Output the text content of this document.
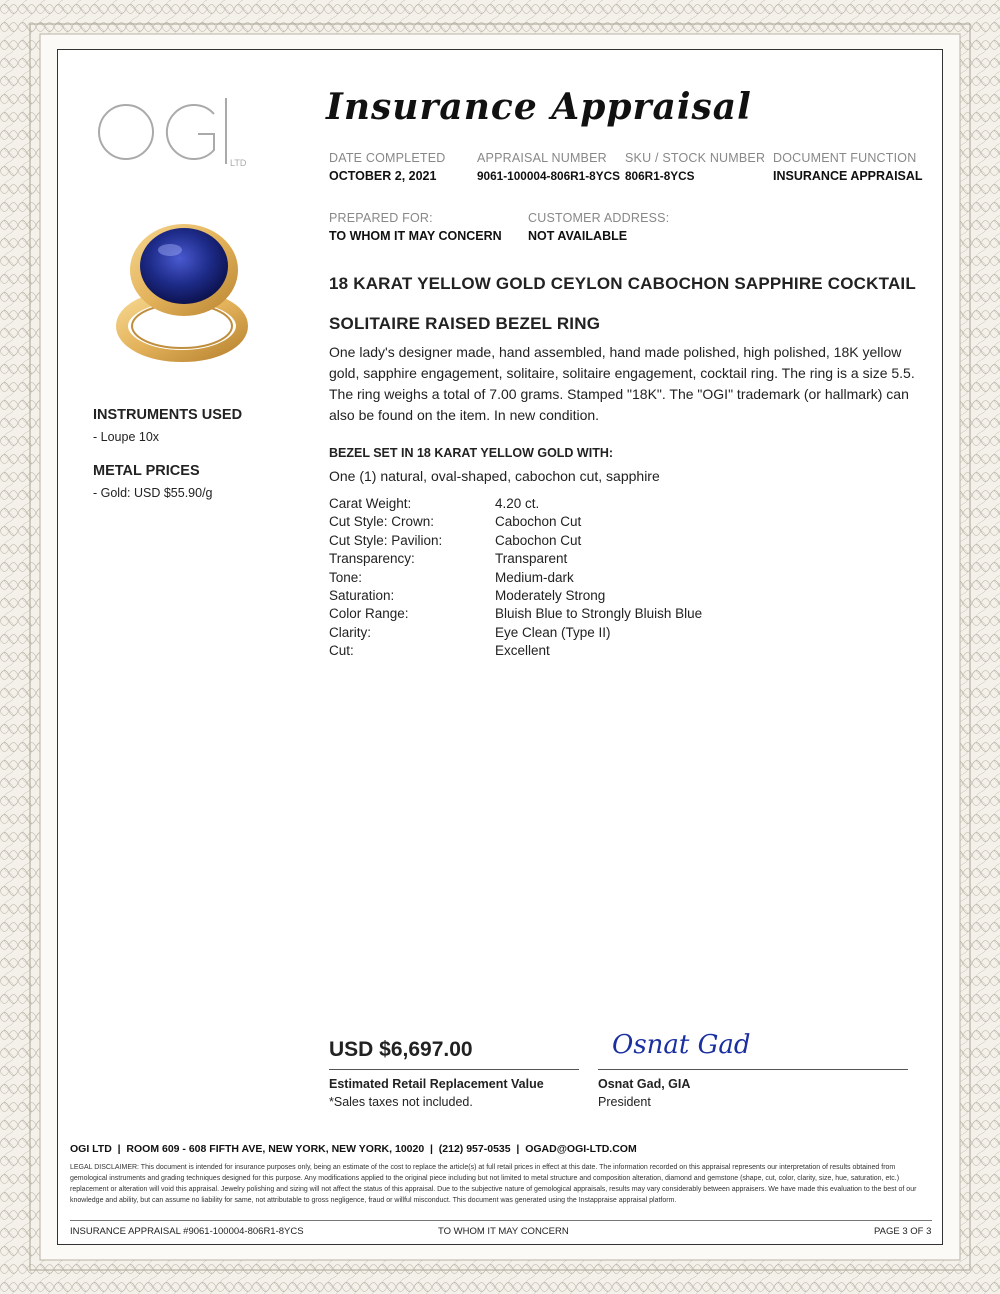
LTD
Insurance Appraisal
DATE COMPLETED
OCTOBER 2, 2021
APPRAISAL NUMBER
9061-100004-806R1-8YCS
SKU / STOCK NUMBER
806R1-8YCS
DOCUMENT FUNCTION
INSURANCE APPRAISAL
PREPARED FOR:
TO WHOM IT MAY CONCERN
CUSTOMER ADDRESS:
NOT AVAILABLE
INSTRUMENTS USED
- Loupe 10x
METAL PRICES
- Gold: USD $55.90/g
18 KARAT YELLOW GOLD CEYLON CABOCHON SAPPHIRE COCKTAIL
SOLITAIRE RAISED BEZEL RING
One lady's designer made, hand assembled, hand made polished, high polished, 18K yellow gold, sapphire engagement, solitaire, solitaire engagement, cocktail ring. The ring is a size 5.5. The ring weighs a total of 7.00 grams. Stamped "18K". The "OGI" trademark (or hallmark) can also be found on the item. In new condition.
BEZEL SET IN 18 KARAT YELLOW GOLD WITH:
One (1) natural, oval-shaped, cabochon cut, sapphire
Carat Weight:	4.20 ct.
Cut Style: Crown:	Cabochon Cut
Cut Style: Pavilion:	Cabochon Cut
Transparency:	Transparent
Tone:	Medium-dark
Saturation:	Moderately Strong
Color Range:	Bluish Blue to Strongly Bluish Blue
Clarity:	Eye Clean (Type II)
Cut:	Excellent
USD $6,697.00
Estimated Retail Replacement Value
*Sales taxes not included.
Osnat Gad
Osnat Gad, GIA
President
OGI LTD  |  ROOM 609 - 608 FIFTH AVE, NEW YORK, NEW YORK, 10020  |  (212) 957-0535  |  OGAD@OGI-LTD.COM
LEGAL DISCLAIMER: This document is intended for insurance purposes only, being an estimate of the cost to replace the article(s) at full retail prices in effect at this date. The information recorded on this appraisal represents our interpretation of results obtained from gemological instruments and grading techniques designed for this purpose. Any modifications applied to the original piece including but not limited to metal structure and composition alteration, diamond and gemstone (shape, cut, color, clarity, size, hue, saturation, etc.) replacement or alteration will void this appraisal. Jewelry polishing and sizing will not affect the status of this appraisal. Due to the subjective nature of gemological appraisals, results may vary considerably between appraisers. We have made this evaluation to the best of our knowledge and ability, but can assume no liability for same, not attributable to gross negligence, fraud or willful misconduct. This document was generated using the Instappraise appraisal platform.
INSURANCE APPRAISAL #9061-100004-806R1-8YCS	TO WHOM IT MAY CONCERN	PAGE 3 OF 3
